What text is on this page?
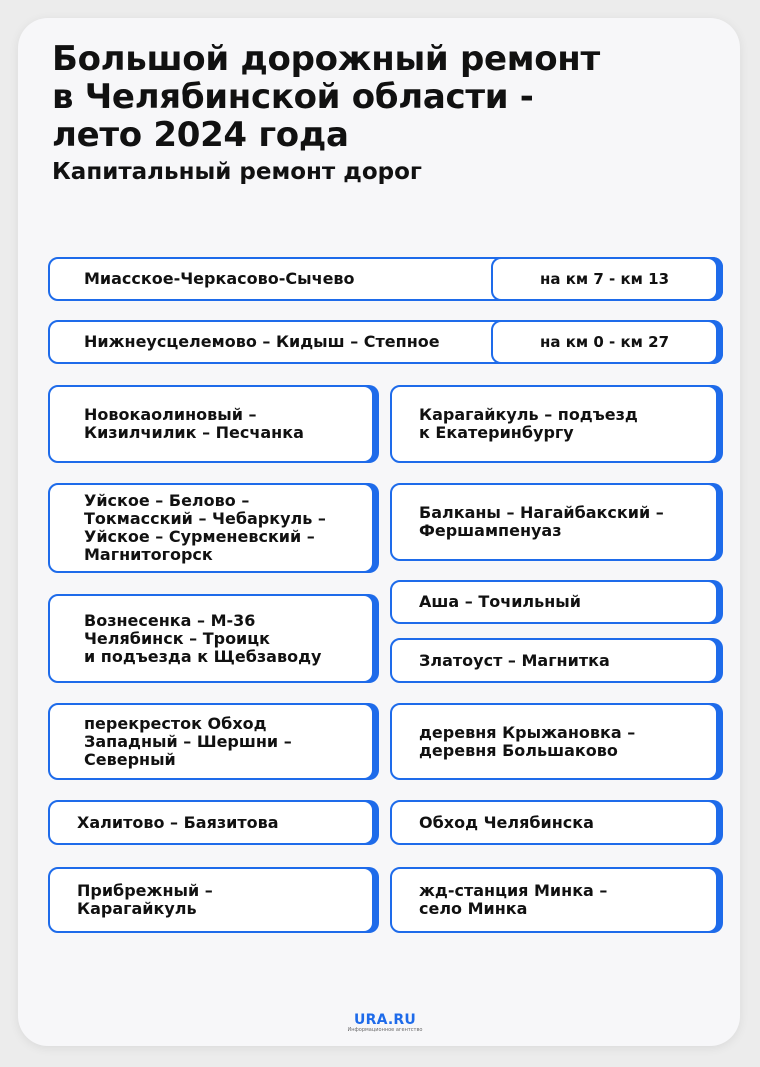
Большой дорожный ремонт
в Челябинской области -
лето 2024 года
Капитальный ремонт дорог
Миасское-Черкасово-Сычево	на км 7 - км 13
Нижнеусцелемово – Кидыш – Степное	на км 0 - км 27
Новокаолиновый –
Кизилчилик – Песчанка
Уйское – Белово –
Токмасский – Чебаркуль –
Уйское – Сурменевский –
Магнитогорск
Вознесенка – М-36
Челябинск – Троицк
и подъезда к Щебзаводу
перекресток Обход
Западный – Шершни –
Северный
Халитово – Баязитова
Прибрежный –
Карагайкуль
Карагайкуль – подъезд
к Екатеринбургу
Балканы – Нагайбакский –
Фершампенуаз
Аша – Точильный
Златоуст – Магнитка
деревня Крыжановка –
деревня Большаково
Обход Челябинска
жд-станция Минка –
село Минка
URA.RU
Информационное агентство
